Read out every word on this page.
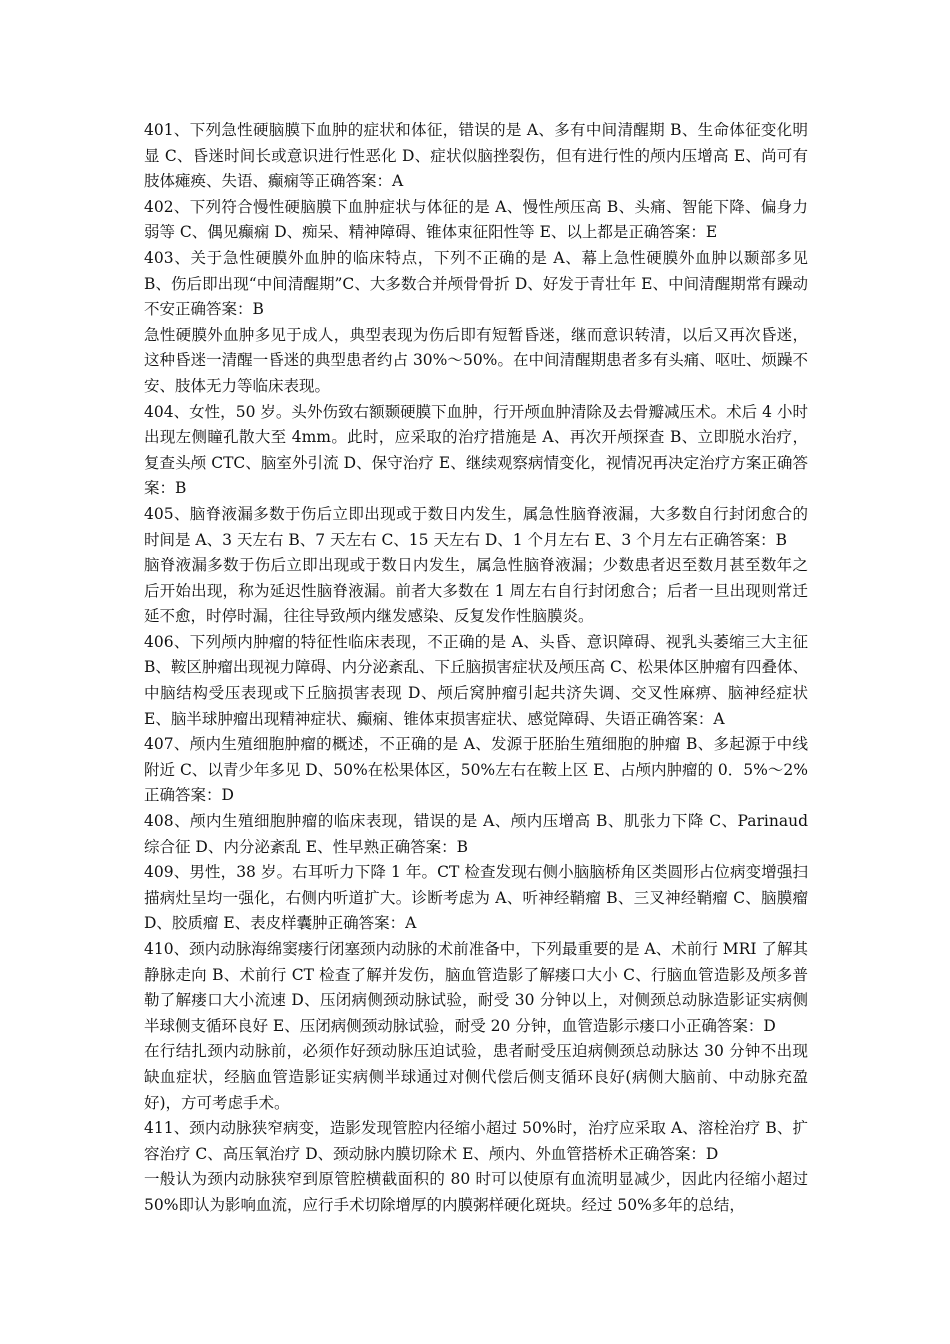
401、下列急性硬脑膜下血肿的症状和体征，错误的是 A、多有中间清醒期 B、生命体征变化明显 C、昏迷时间长或意识进行性恶化 D、症状似脑挫裂伤，但有进行性的颅内压增高 E、尚可有肢体瘫痪、失语、癫痫等正确答案：A

402、下列符合慢性硬脑膜下血肿症状与体征的是 A、慢性颅压高 B、头痛、智能下降、偏身力弱等 C、偶见癫痫 D、痴呆、精神障碍、锥体束征阳性等 E、以上都是正确答案：E

403、关于急性硬膜外血肿的临床特点，下列不正确的是 A、幕上急性硬膜外血肿以颞部多见 B、伤后即出现“中间清醒期”C、大多数合并颅骨骨折 D、好发于青壮年 E、中间清醒期常有躁动不安正确答案：B

急性硬膜外血肿多见于成人，典型表现为伤后即有短暂昏迷，继而意识转清，以后又再次昏迷，这种昏迷一清醒一昏迷的典型患者约占 30%～50%。在中间清醒期患者多有头痛、呕吐、烦躁不安、肢体无力等临床表现。

404、女性，50 岁。头外伤致右额颞硬膜下血肿，行开颅血肿清除及去骨瓣减压术。术后 4 小时出现左侧瞳孔散大至 4mm。此时，应采取的治疗措施是 A、再次开颅探查 B、立即脱水治疗，复查头颅 CTC、脑室外引流 D、保守治疗 E、继续观察病情变化，视情况再决定治疗方案正确答案：B

405、脑脊液漏多数于伤后立即出现或于数日内发生，属急性脑脊液漏，大多数自行封闭愈合的时间是 A、3 天左右 B、7 天左右 C、15 天左右 D、1 个月左右 E、3 个月左右正确答案：B

脑脊液漏多数于伤后立即出现或于数日内发生，属急性脑脊液漏；少数患者迟至数月甚至数年之后开始出现，称为延迟性脑脊液漏。前者大多数在 1 周左右自行封闭愈合；后者一旦出现则常迁延不愈，时停时漏，往往导致颅内继发感染、反复发作性脑膜炎。

406、下列颅内肿瘤的特征性临床表现，不正确的是 A、头昏、意识障碍、视乳头萎缩三大主征 B、鞍区肿瘤出现视力障碍、内分泌紊乱、下丘脑损害症状及颅压高 C、松果体区肿瘤有四叠体、中脑结构受压表现或下丘脑损害表现 D、颅后窝肿瘤引起共济失调、交叉性麻痹、脑神经症状 E、脑半球肿瘤出现精神症状、癫痫、锥体束损害症状、感觉障碍、失语正确答案：A

407、颅内生殖细胞肿瘤的概述，不正确的是 A、发源于胚胎生殖细胞的肿瘤 B、多起源于中线附近 C、以青少年多见 D、50%在松果体区，50%左右在鞍上区 E、占颅内肿瘤的 0．5%～2%正确答案：D

408、颅内生殖细胞肿瘤的临床表现，错误的是 A、颅内压增高 B、肌张力下降 C、Parinaud 综合征 D、内分泌紊乱 E、性早熟正确答案：B

409、男性，38 岁。右耳听力下降 1 年。CT 检查发现右侧小脑脑桥角区类圆形占位病变增强扫描病灶呈均一强化，右侧内听道扩大。诊断考虑为 A、听神经鞘瘤 B、三叉神经鞘瘤 C、脑膜瘤 D、胶质瘤 E、表皮样囊肿正确答案：A

410、颈内动脉海绵窦瘘行闭塞颈内动脉的术前准备中，下列最重要的是 A、术前行 MRI 了解其静脉走向 B、术前行 CT 检查了解并发伤，脑血管造影了解瘘口大小 C、行脑血管造影及颅多普勒了解瘘口大小流速 D、压闭病侧颈动脉试验，耐受 30 分钟以上，对侧颈总动脉造影证实病侧半球侧支循环良好 E、压闭病侧颈动脉试验，耐受 20 分钟，血管造影示瘘口小正确答案：D

在行结扎颈内动脉前，必须作好颈动脉压迫试验，患者耐受压迫病侧颈总动脉达 30 分钟不出现缺血症状，经脑血管造影证实病侧半球通过对侧代偿后侧支循环良好(病侧大脑前、中动脉充盈好)，方可考虑手术。

411、颈内动脉狭窄病变，造影发现管腔内径缩小超过 50%时，治疗应采取 A、溶栓治疗 B、扩容治疗 C、高压氧治疗 D、颈动脉内膜切除术 E、颅内、外血管搭桥术正确答案：D

一般认为颈内动脉狭窄到原管腔横截面积的 80 时可以使原有血流明显减少，因此内径缩小超过 50%即认为影响血流，应行手术切除增厚的内膜粥样硬化斑块。经过 50%多年的总结，
